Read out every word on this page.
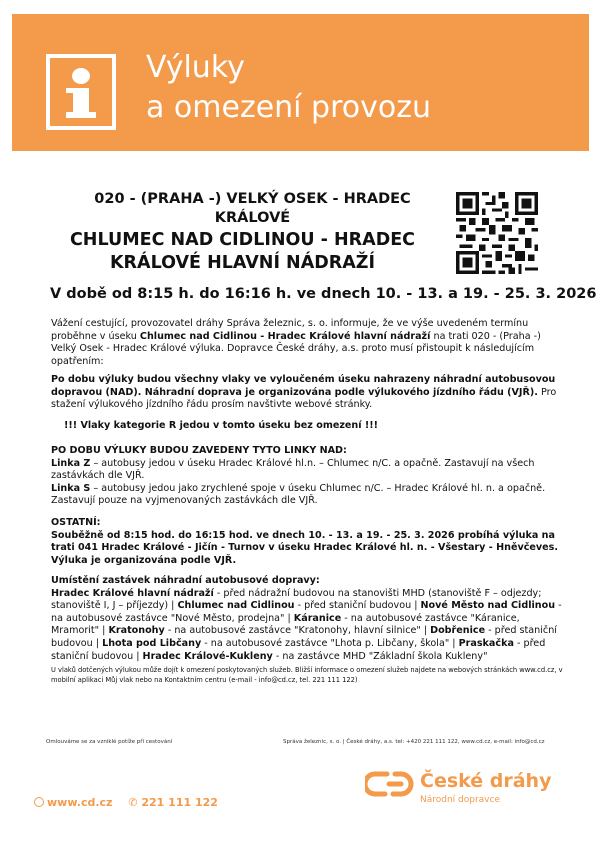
Výluky
a omezení provozu
020 - (PRAHA -) VELKÝ OSEK - HRADEC KRÁLOVÉ
CHLUMEC NAD CIDLINOU - HRADEC KRÁLOVÉ HLAVNÍ NÁDRAŽÍ
V době od 8:15 h. do 16:16 h. ve dnech 10. - 13. a 19. - 25. 3. 2026
Vážení cestující, provozovatel dráhy Správa železnic, s. o. informuje, že ve výše uvedeném termínu proběhne v úseku Chlumec nad Cidlinou - Hradec Králové hlavní nádraží na trati 020 - (Praha -) Velký Osek - Hradec Králové výluka. Dopravce České dráhy, a.s. proto musí přistoupit k následujícím opatřením:
Po dobu výluky budou všechny vlaky ve vyloučeném úseku nahrazeny náhradní autobusovou dopravou (NAD). Náhradní doprava je organizována podle výlukového jízdního řádu (VJŘ). Pro stažení výlukového jízdního řádu prosím navštivte webové stránky.
!!! Vlaky kategorie R jedou v tomto úseku bez omezení !!!
PO DOBU VÝLUKY BUDOU ZAVEDENY TYTO LINKY NAD:
Linka Z – autobusy jedou v úseku Hradec Králové hl.n. – Chlumec n/C. a opačně. Zastavují na všech zastávkách dle VJŘ.
Linka S – autobusy jedou jako zrychlené spoje v úseku Chlumec n/C. – Hradec Králové hl. n. a opačně. Zastavují pouze na vyjmenovaných zastávkách dle VJŘ.
OSTATNÍ:
Souběžně od 8:15 hod. do 16:15 hod. ve dnech 10. - 13. a 19. - 25. 3. 2026 probíhá výluka na trati 041 Hradec Králové - Jičín - Turnov v úseku Hradec Králové hl. n. - Všestary - Hněvčeves. Výluka je organizována podle VJŘ.
Umístění zastávek náhradní autobusové dopravy:
Hradec Králové hlavní nádraží - před nádražní budovou na stanovišti MHD (stanoviště F – odjezdy; stanoviště I, J – příjezdy) | Chlumec nad Cidlinou - před staniční budovou | Nové Město nad Cidlinou - na autobusové zastávce "Nové Město, prodejna" | Káranice - na autobusové zastávce "Káranice, Mramorit" | Kratonohy - na autobusové zastávce "Kratonohy, hlavní silnice" | Dobřenice - před staniční budovou | Lhota pod Libčany - na autobusové zastávce "Lhota p. Libčany, škola" | Praskačka - před staniční budovou | Hradec Králové-Kukleny - na zastávce MHD "Základní škola Kukleny"
U vlaků dotčených výlukou může dojít k omezení poskytovaných služeb. Bližší informace o omezení služeb najdete na webových stránkách www.cd.cz, v mobilní aplikaci Můj vlak nebo na Kontaktním centru (e-mail - info@cd.cz, tel. 221 111 122)
Omlouváme se za vzniklé potíže při cestování	Správa železnic, s. o. | České dráhy, a.s. tel: +420 221 111 122, www.cd.cz, e-mail: info@cd.cz
www.cd.cz ✆ 221 111 122
České dráhy
Národní dopravce
